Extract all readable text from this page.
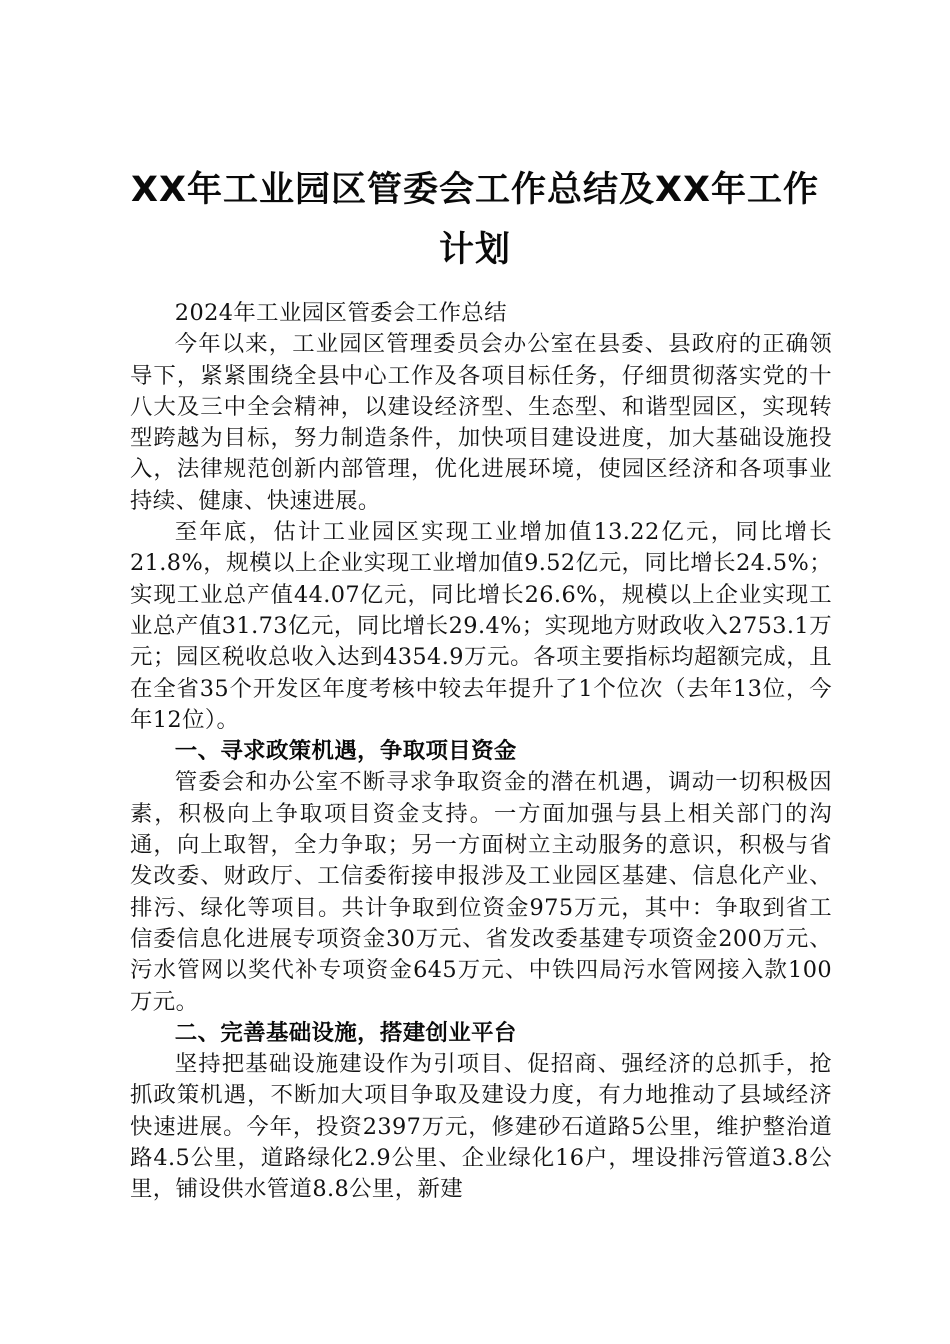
XX年工业园区管委会工作总结及XX年工作计划

2024年工业园区管委会工作总结

今年以来，工业园区管理委员会办公室在县委、县政府的正确领导下，紧紧围绕全县中心工作及各项目标任务，仔细贯彻落实党的十八大及三中全会精神，以建设经济型、生态型、和谐型园区，实现转型跨越为目标，努力制造条件，加快项目建设进度，加大基础设施投入，法律规范创新内部管理，优化进展环境，使园区经济和各项事业持续、健康、快速进展。

至年底，估计工业园区实现工业增加值13.22亿元，同比增长21.8%，规模以上企业实现工业增加值9.52亿元，同比增长24.5%；实现工业总产值44.07亿元，同比增长26.6%，规模以上企业实现工业总产值31.73亿元，同比增长29.4%；实现地方财政收入2753.1万元；园区税收总收入达到4354.9万元。各项主要指标均超额完成，且在全省35个开发区年度考核中较去年提升了1个位次（去年13位，今年12位）。

一、寻求政策机遇，争取项目资金

管委会和办公室不断寻求争取资金的潜在机遇，调动一切积极因素，积极向上争取项目资金支持。一方面加强与县上相关部门的沟通，向上取智，全力争取；另一方面树立主动服务的意识，积极与省发改委、财政厅、工信委衔接申报涉及工业园区基建、信息化产业、排污、绿化等项目。共计争取到位资金975万元，其中：争取到省工信委信息化进展专项资金30万元、省发改委基建专项资金200万元、污水管网以奖代补专项资金645万元、中铁四局污水管网接入款100万元。

二、完善基础设施，搭建创业平台

坚持把基础设施建设作为引项目、促招商、强经济的总抓手，抢抓政策机遇，不断加大项目争取及建设力度，有力地推动了县域经济快速进展。今年，投资2397万元，修建砂石道路5公里，维护整治道路4.5公里，道路绿化2.9公里、企业绿化16户，埋设排污管道3.8公里，铺设供水管道8.8公里，新建
